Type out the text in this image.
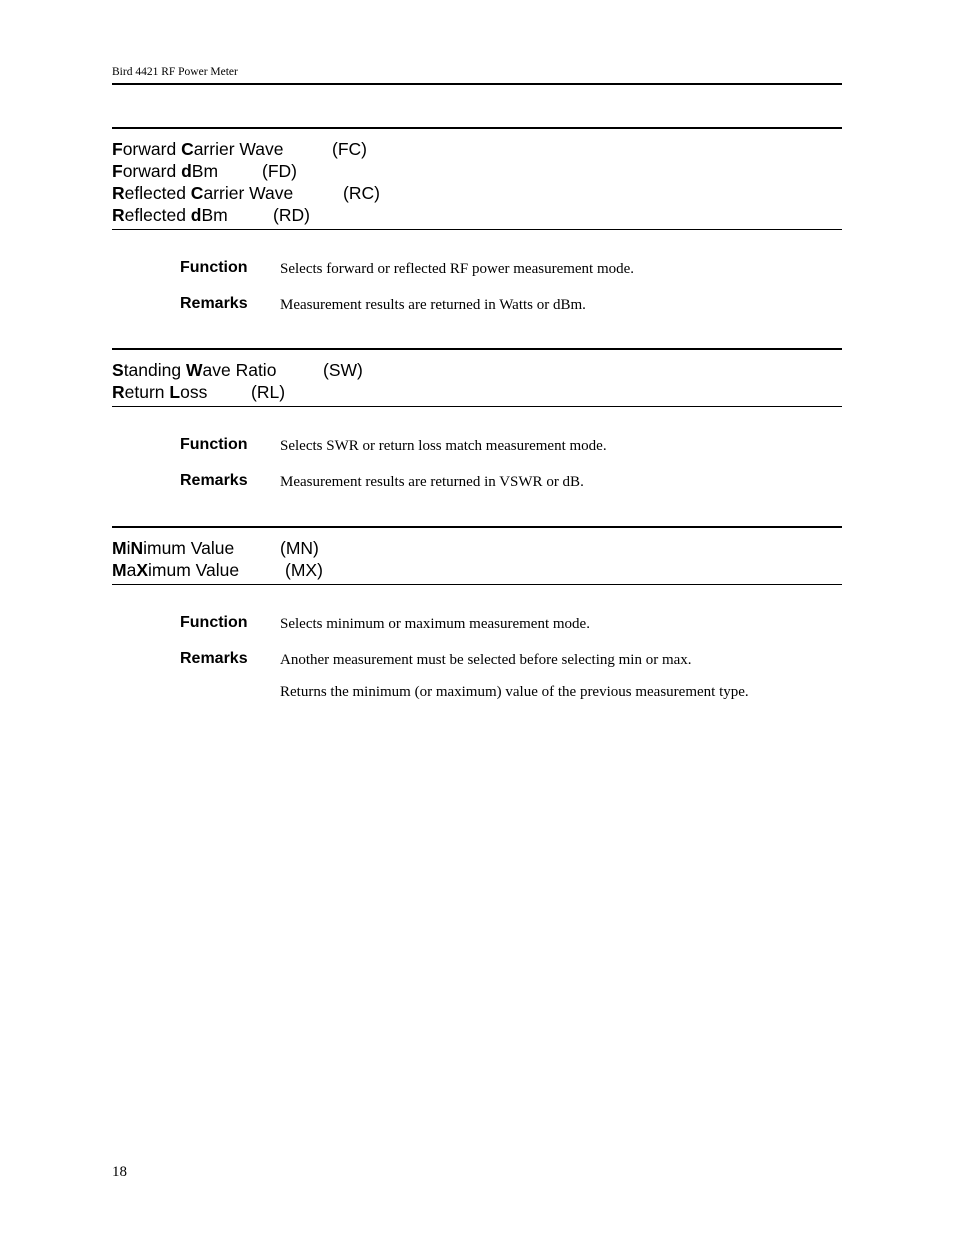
Bird 4421 RF Power Meter
Forward Carrier Wave	(FC)
Forward dBm	(FD)
Reflected Carrier Wave	(RC)
Reflected dBm	(RD)
Function Selects forward or reflected RF power measurement mode.
Remarks Measurement results are returned in Watts or dBm.
Standing Wave Ratio	(SW)
Return Loss (RL)
Function Selects SWR or return loss match measurement mode.
Remarks Measurement results are returned in VSWR or dB.
MiNimum Value	(MN)
MaXimum Value	(MX)
Function Selects minimum or maximum measurement mode.
Remarks Another measurement must be selected before selecting min or max.
Returns the minimum (or maximum) value of the previous measurement type.
18
